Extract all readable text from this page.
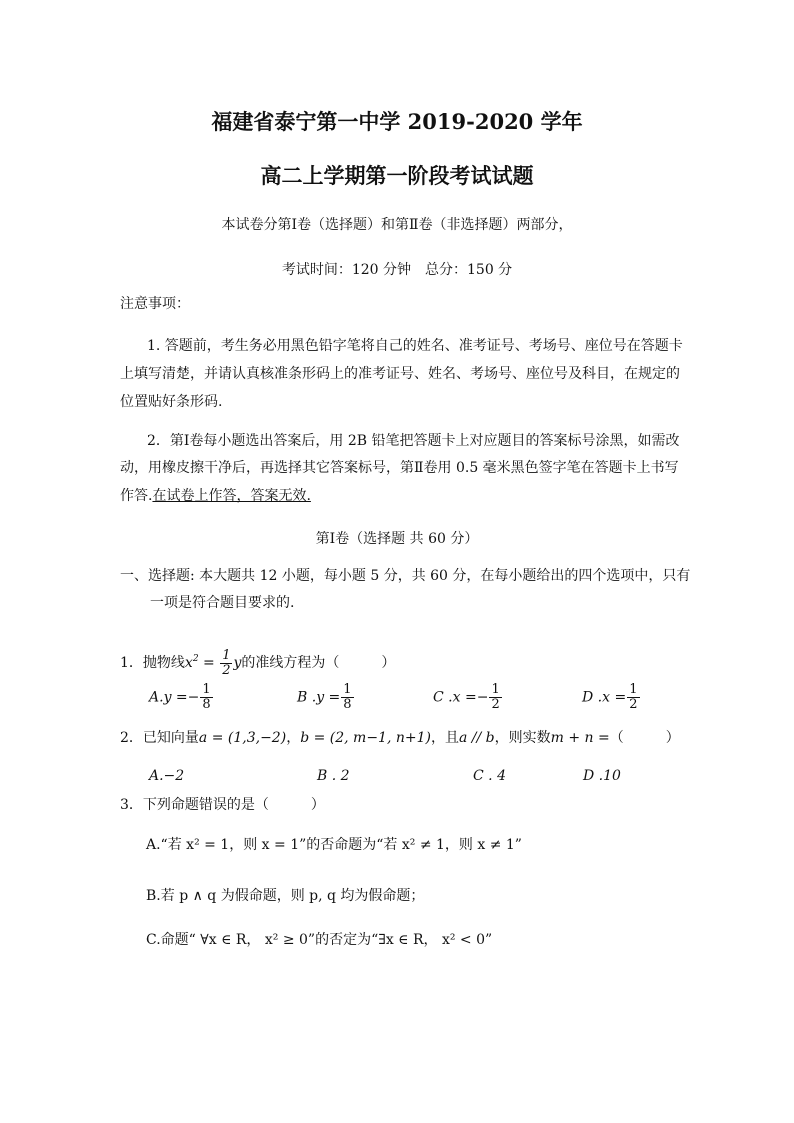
福建省泰宁第一中学 2019-2020 学年
高二上学期第一阶段考试试题
本试卷分第Ⅰ卷（选择题）和第Ⅱ卷（非选择题）两部分，
考试时间：120 分钟　总分：150 分
注意事项：
1. 答题前，考生务必用黑色铅字笔将自己的姓名、准考证号、考场号、座位号在答题卡
上填写清楚，并请认真核准条形码上的准考证号、姓名、考场号、座位号及科目，在规定的
位置贴好条形码.
2．第Ⅰ卷每小题选出答案后，用 2B 铅笔把答题卡上对应题目的答案标号涂黑，如需改
动，用橡皮擦干净后，再选择其它答案标号，第Ⅱ卷用 0.5 毫米黑色签字笔在答题卡上书写
作答.在试卷上作答，答案无效.
第Ⅰ卷（选择题 共 60 分）
一、选择题: 本大题共 12 小题，每小题 5 分，共 60 分，在每小题给出的四个选项中，只有
一项是符合题目要求的.
1．抛物线$x^2 = \frac{1}{2}$ y的准线方程为（　　　）
$A.y =- \frac{1}{8}$	B $.y = \frac{1}{8}$	C $.x =- \frac{1}{2}$	D $.x = \frac{1}{2}$
2．已知向量a = (1,3,−2)，b = (2, m−1, n+1)，且a // b，则实数m + n =（　　　）
A.−2	B . 2	C . 4	D .10
3．下列命题错误的是（　　　）
A.“若 x² = 1，则 x = 1”的否命题为“若 x² ≠ 1，则 x ≠ 1”
B.若 p ∧ q 为假命题，则 p, q 均为假命题；
C.命题“ ∀x ∈ R， x² ≥ 0”的否定为“∃x ∈ R， x² < 0”
